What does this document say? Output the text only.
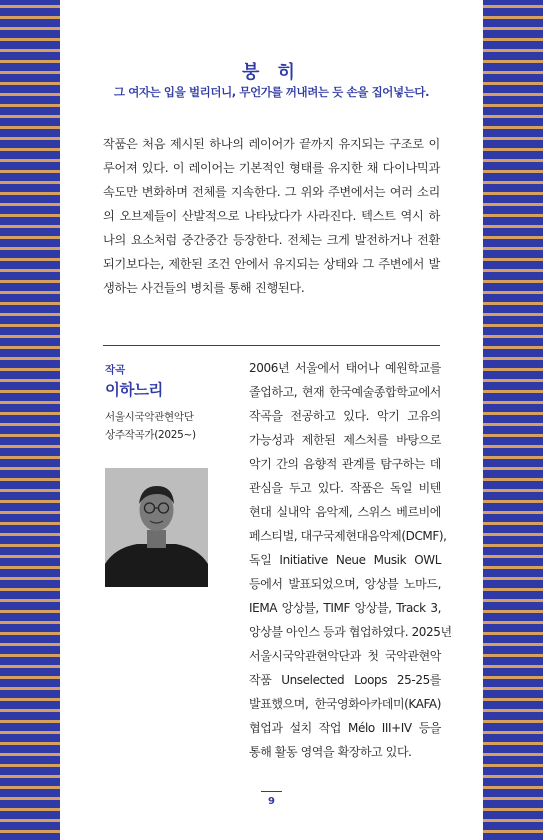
붕 히
그 여자는 입을 벌리더니, 무언가를 꺼내려는 듯 손을 집어넣는다.

작품은 처음 제시된 하나의 레이어가 끝까지 유지되는 구조로 이루어져 있다. 이 레이어는 기본적인 형태를 유지한 채 다이나믹과 속도만 변화하며 전체를 지속한다. 그 위와 주변에서는 여러 소리의 오브제들이 산발적으로 나타났다가 사라진다. 텍스트 역시 하나의 요소처럼 중간중간 등장한다. 전체는 크게 발전하거나 전환되기보다는, 제한된 조건 안에서 유지되는 상태와 그 주변에서 발생하는 사건들의 병치를 통해 진행된다.

작곡
이하느리
서울시국악관현악단
상주작곡가(2025~)
2006년 서울에서 태어나 예원학교를
졸업하고, 현재 한국예술종합학교에서
작곡을 전공하고 있다. 악기 고유의
가능성과 제한된 제스처를 바탕으로
악기 간의 음향적 관계를 탐구하는 데
관심을 두고 있다. 작품은 독일 비텐
현대 실내악 음악제, 스위스 베르비에
페스티벌, 대구국제현대음악제(DCMF),
독일 Initiative Neue Musik OWL
등에서 발표되었으며, 앙상블 노마드,
IEMA 앙상블, TIMF 앙상블, Track 3,
앙상블 아인스 등과 협업하였다. 2025년
서울시국악관현악단과 첫 국악관현악
작품 Unselected Loops 25-25를
발표했으며, 한국영화아카데미(KAFA)
협업과 설치 작업 Mélo III+IV 등을
통해 활동 영역을 확장하고 있다.
9
